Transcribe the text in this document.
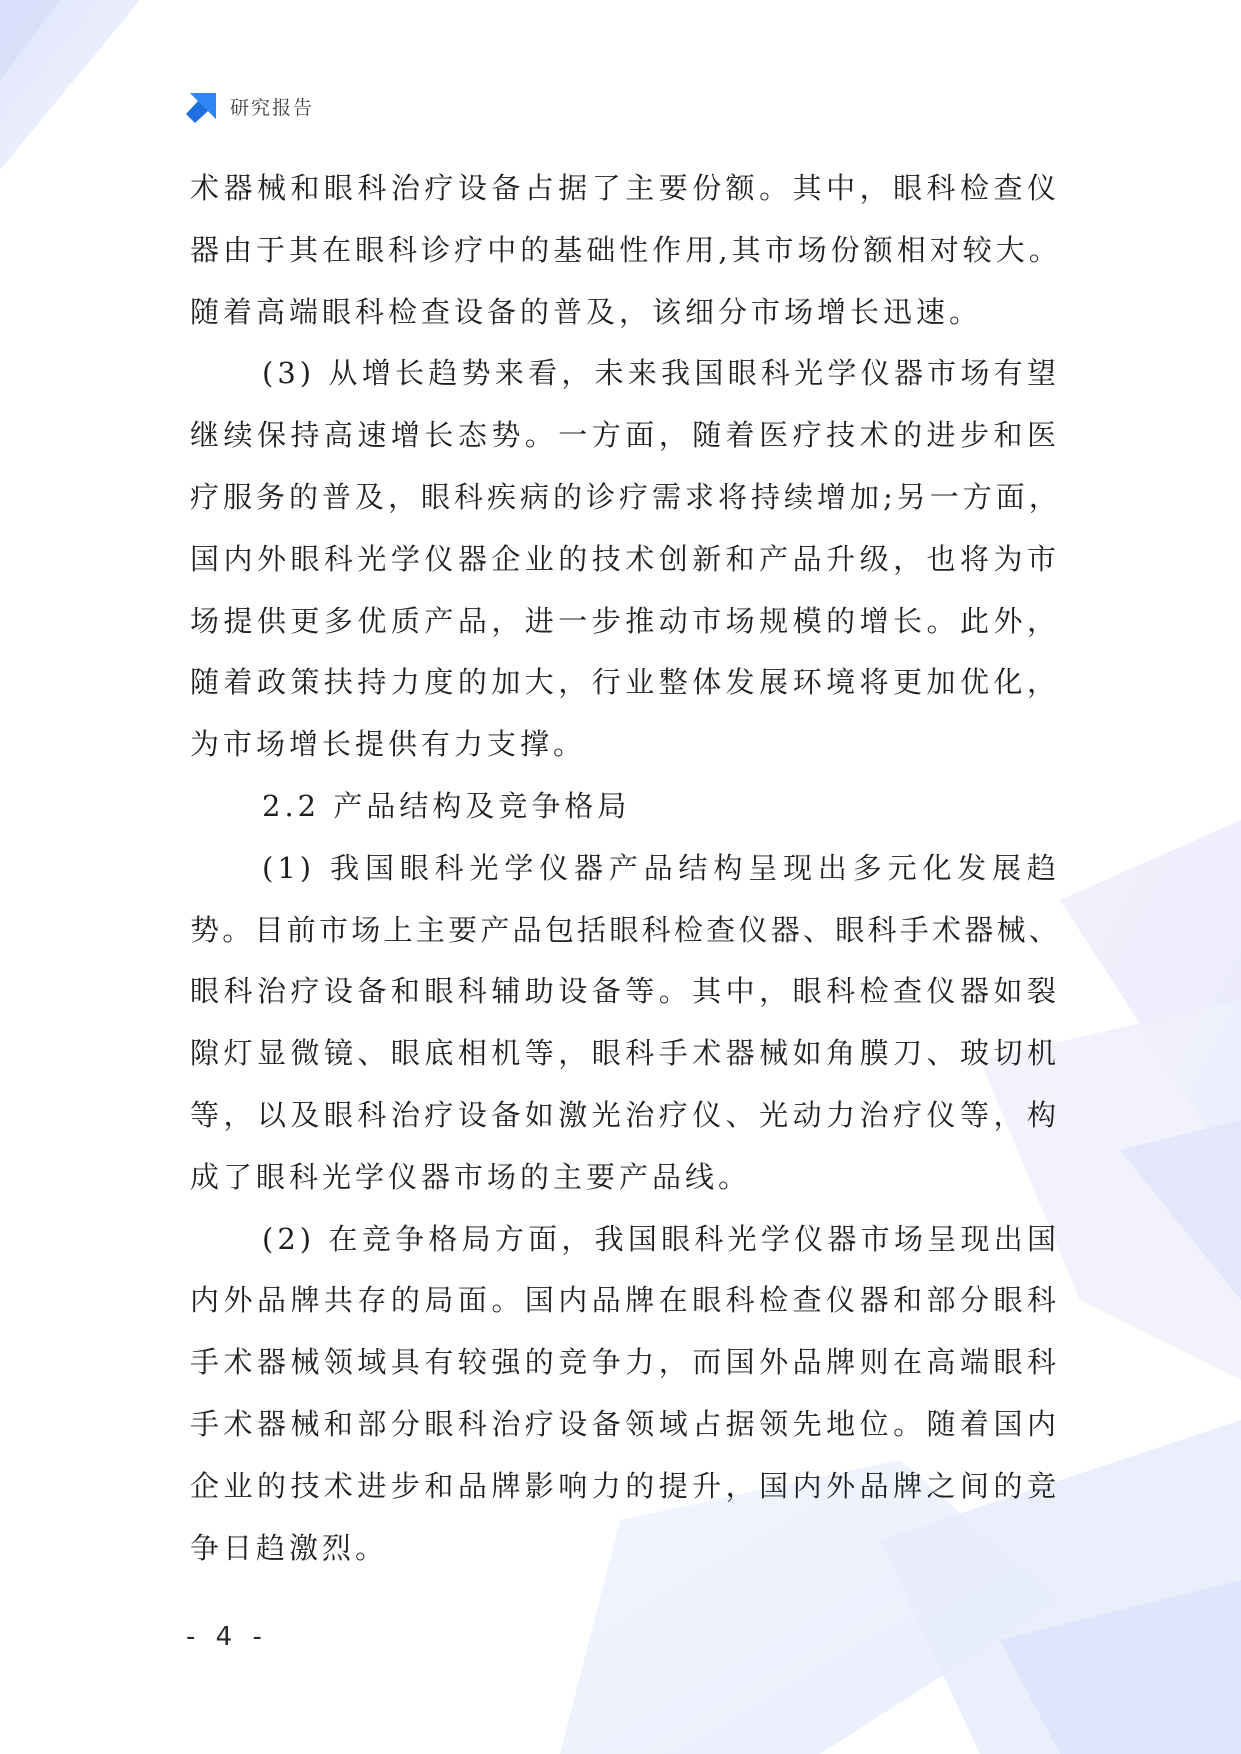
研究报告
术器械和眼科治疗设备占据了主要份额。其中，眼科检查仪
器由于其在眼科诊疗中的基础性作用,其市场份额相对较大。
随着高端眼科检查设备的普及，该细分市场增长迅速。
(3) 从增长趋势来看，未来我国眼科光学仪器市场有望
继续保持高速增长态势。一方面，随着医疗技术的进步和医
疗服务的普及，眼科疾病的诊疗需求将持续增加;另一方面，
国内外眼科光学仪器企业的技术创新和产品升级，也将为市
场提供更多优质产品，进一步推动市场规模的增长。此外，
随着政策扶持力度的加大，行业整体发展环境将更加优化，
为市场增长提供有力支撑。
2.2 产品结构及竞争格局
(1) 我国眼科光学仪器产品结构呈现出多元化发展趋
势。目前市场上主要产品包括眼科检查仪器、眼科手术器械、
眼科治疗设备和眼科辅助设备等。其中，眼科检查仪器如裂
隙灯显微镜、眼底相机等，眼科手术器械如角膜刀、玻切机
等，以及眼科治疗设备如激光治疗仪、光动力治疗仪等，构
成了眼科光学仪器市场的主要产品线。
(2) 在竞争格局方面，我国眼科光学仪器市场呈现出国
内外品牌共存的局面。国内品牌在眼科检查仪器和部分眼科
手术器械领域具有较强的竞争力，而国外品牌则在高端眼科
手术器械和部分眼科治疗设备领域占据领先地位。随着国内
企业的技术进步和品牌影响力的提升，国内外品牌之间的竞
争日趋激烈。
- 4 -
